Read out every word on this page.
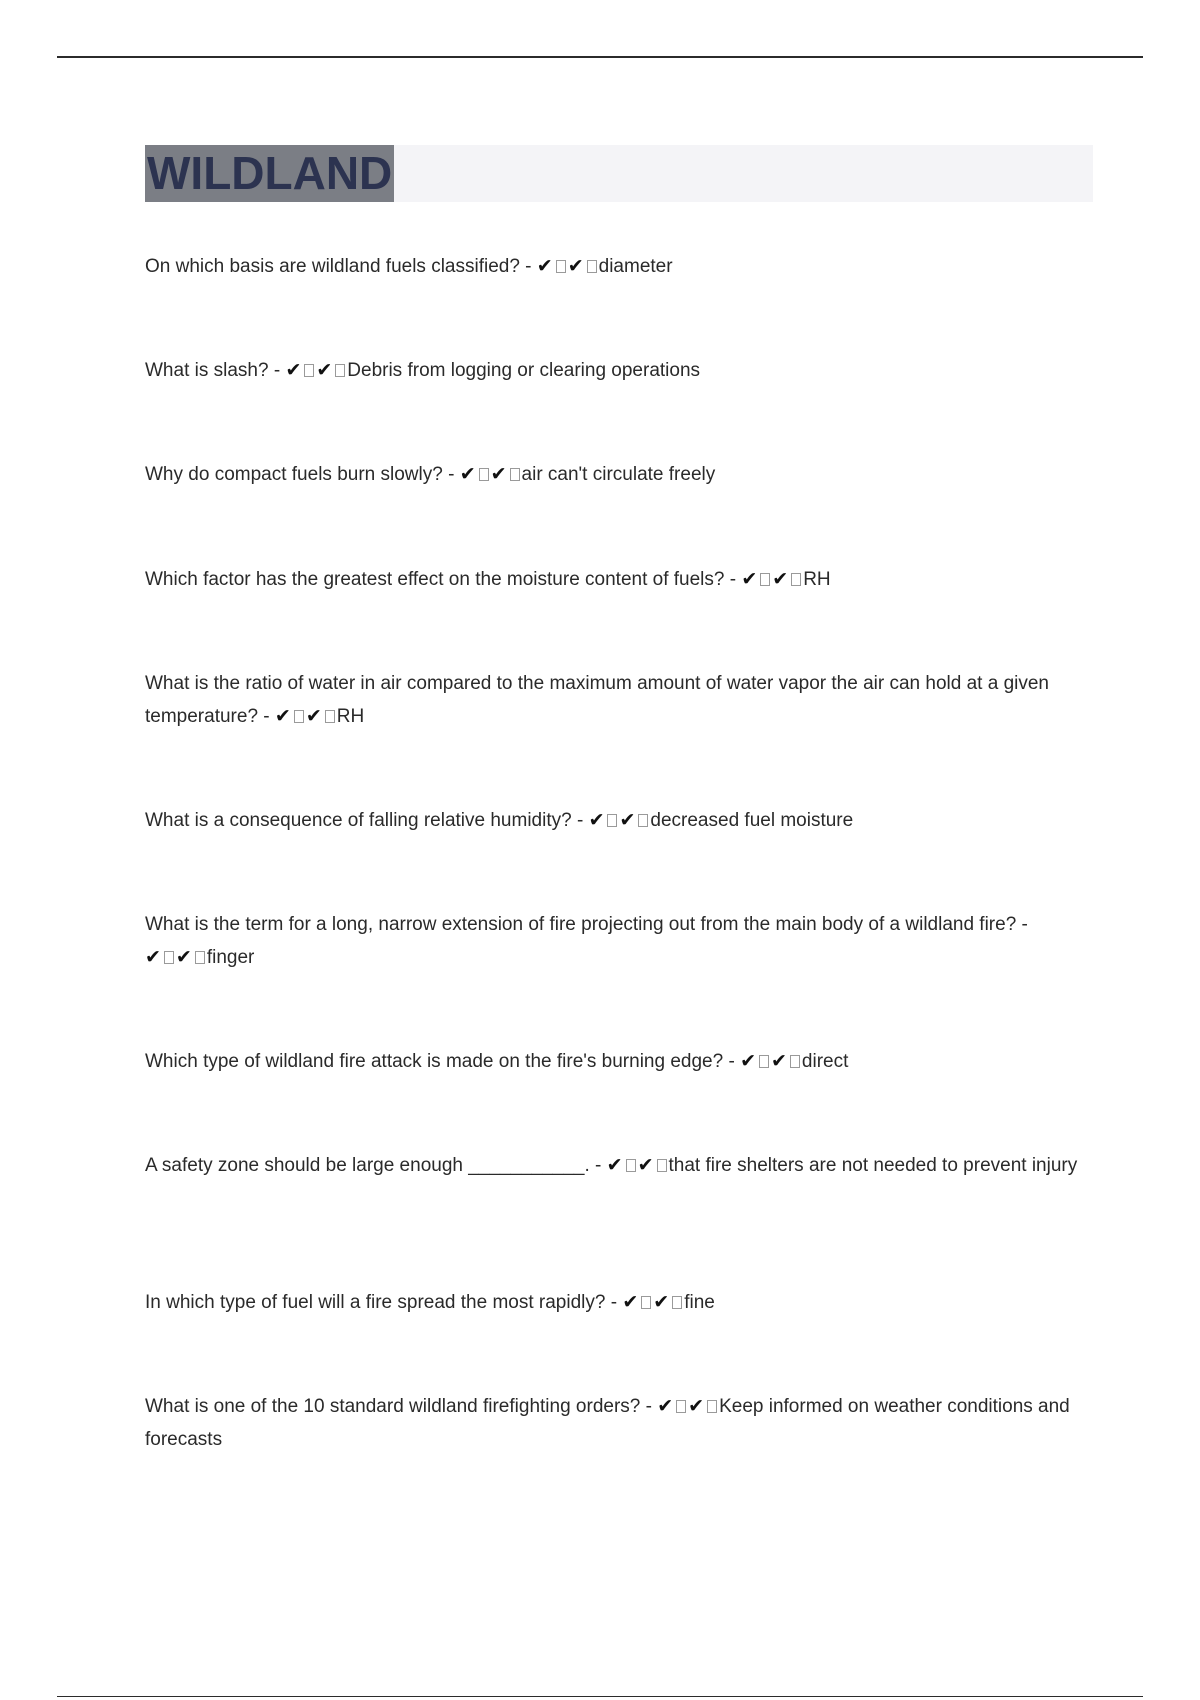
WILDLAND
On which basis are wildland fuels classified? - ✔ ✔ diameter
What is slash? - ✔ ✔ Debris from logging or clearing operations
Why do compact fuels burn slowly? - ✔ ✔ air can't circulate freely
Which factor has the greatest effect on the moisture content of fuels? - ✔ ✔ RH
What is the ratio of water in air compared to the maximum amount of water vapor the air can hold at a given temperature? - ✔ ✔ RH
What is a consequence of falling relative humidity? - ✔ ✔ decreased fuel moisture
What is the term for a long, narrow extension of fire projecting out from the main body of a wildland fire? - ✔ ✔ finger
Which type of wildland fire attack is made on the fire's burning edge? - ✔ ✔ direct
A safety zone should be large enough ___________. - ✔ ✔ that fire shelters are not needed to prevent injury
In which type of fuel will a fire spread the most rapidly? - ✔ ✔ fine
What is one of the 10 standard wildland firefighting orders? - ✔ ✔ Keep informed on weather conditions and forecasts
